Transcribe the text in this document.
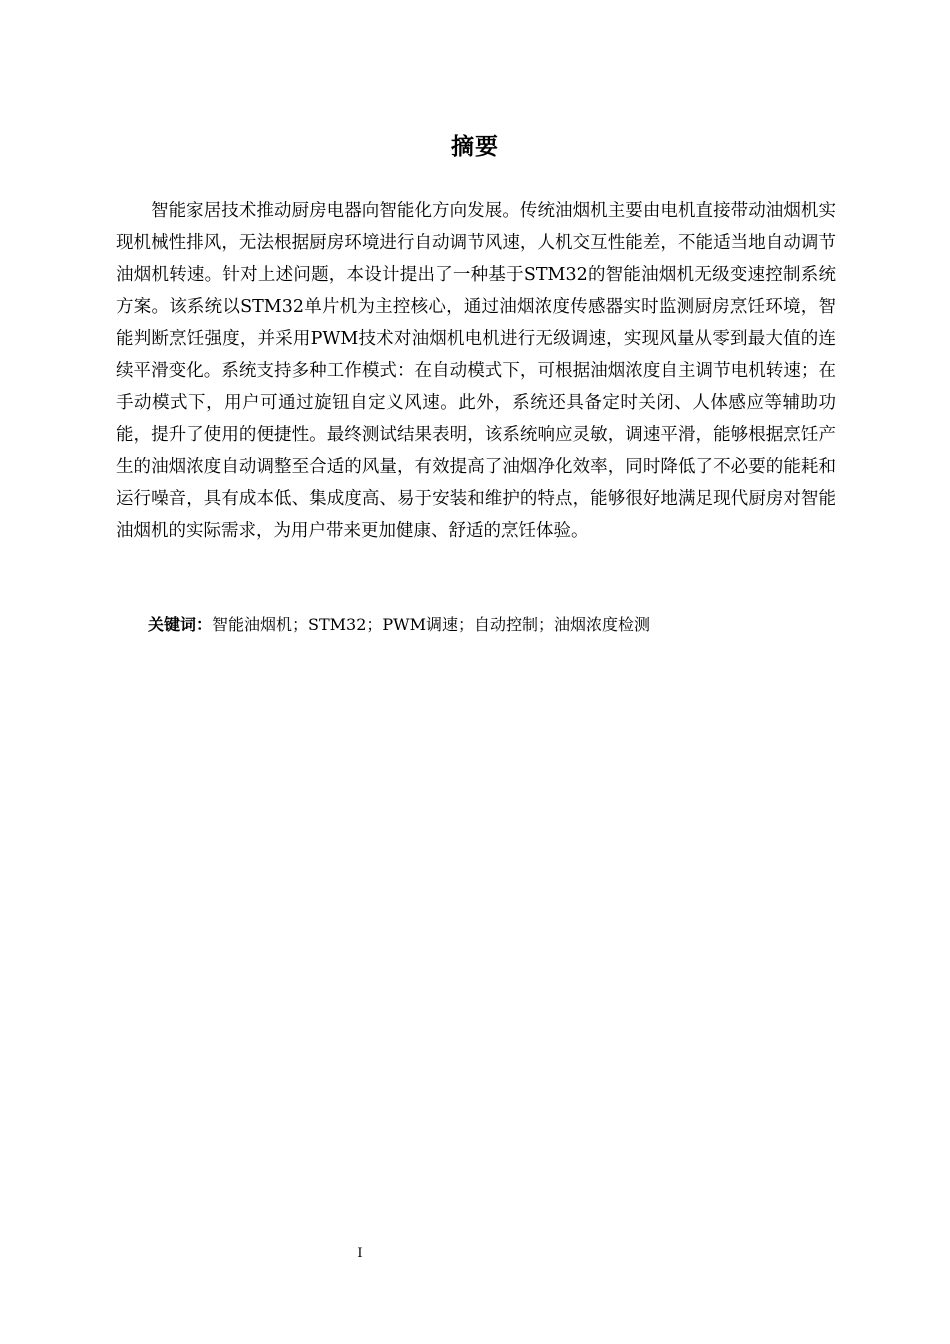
摘要

智能家居技术推动厨房电器向智能化方向发展。传统油烟机主要由电机直接带动油烟机实现机械性排风，无法根据厨房环境进行自动调节风速，人机交互性能差，不能适当地自动调节油烟机转速。针对上述问题，本设计提出了一种基于STM32的智能油烟机无级变速控制系统方案。该系统以STM32单片机为主控核心，通过油烟浓度传感器实时监测厨房烹饪环境，智能判断烹饪强度，并采用PWM技术对油烟机电机进行无级调速，实现风量从零到最大值的连续平滑变化。系统支持多种工作模式：在自动模式下，可根据油烟浓度自主调节电机转速；在手动模式下，用户可通过旋钮自定义风速。此外，系统还具备定时关闭、人体感应等辅助功能，提升了使用的便捷性。最终测试结果表明，该系统响应灵敏，调速平滑，能够根据烹饪产生的油烟浓度自动调整至合适的风量，有效提高了油烟净化效率，同时降低了不必要的能耗和运行噪音，具有成本低、集成度高、易于安装和维护的特点，能够很好地满足现代厨房对智能油烟机的实际需求，为用户带来更加健康、舒适的烹饪体验。

关键词：智能油烟机；STM32；PWM调速；自动控制；油烟浓度检测
I
